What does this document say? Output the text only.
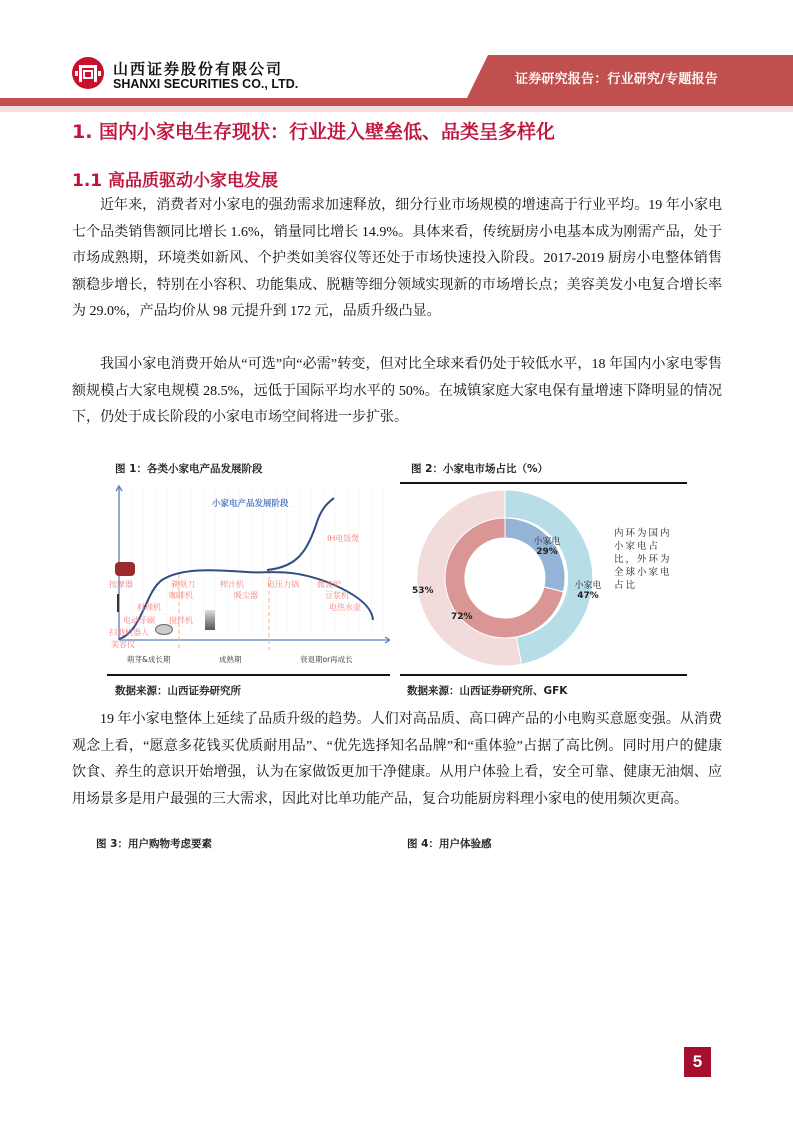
证券研究报告：行业研究/专题报告
山西证券股份有限公司
SHANXI SECURITIES CO., LTD.
1. 国内小家电生存现状：行业进入壁垒低、品类呈多样化
1.1 高品质驱动小家电发展

近年来，消费者对小家电的强劲需求加速释放，细分行业市场规模的增速高于行业平均。19 年小家电七个品类销售额同比增长 1.6%，销量同比增长 14.9%。具体来看，传统厨房小电基本成为刚需产品，处于市场成熟期，环境类如新风、个护类如美容仪等还处于市场快速投入阶段。2017-2019 厨房小电整体销售额稳步增长，特别在小容积、功能集成、脱糖等细分领域实现新的市场增长点；美容美发小电复合增长率为 29.0%，产品均价从 98 元提升到 172 元，品质升级凸显。

我国小家电消费开始从“可选”向“必需”转变，但对比全球来看仍处于较低水平，18 年国内小家电零售额规模占大家电规模 28.5%，远低于国际平均水平的 50%。在城镇家庭大家电保有量增速下降明显的情况下，仍处于成长阶段的小家电市场空间将进一步扩张。

图 1：各类小家电产品发展阶段
小家电产品发展阶段
IH电饭煲
按摩器
料理机
电动牙刷
扫地机器人
美容仪
剃须刀
咖啡机
搅拌机
榨汁机
吸尘器
电压力锅 微波炉
豆浆机
电热水壶
萌芽&成长期	成熟期	衰退期or再成长
数据来源：山西证券研究所
图 2：小家电市场占比（%）
小家电
29%
小家电
47%
53%
72%
内环为国内小家电占比，外环为全球小家电占比
数据来源：山西证券研究所、GFK

19 年小家电整体上延续了品质升级的趋势。人们对高品质、高口碑产品的小电购买意愿变强。从消费观念上看，“愿意多花钱买优质耐用品”、“优先选择知名品牌”和“重体验”占据了高比例。同时用户的健康饮食、养生的意识开始增强，认为在家做饭更加干净健康。从用户体验上看，安全可靠、健康无油烟、应用场景多是用户最强的三大需求，因此对比单功能产品，复合功能厨房料理小家电的使用频次更高。

图 3：用户购物考虑要素	图 4：用户体验感
5
